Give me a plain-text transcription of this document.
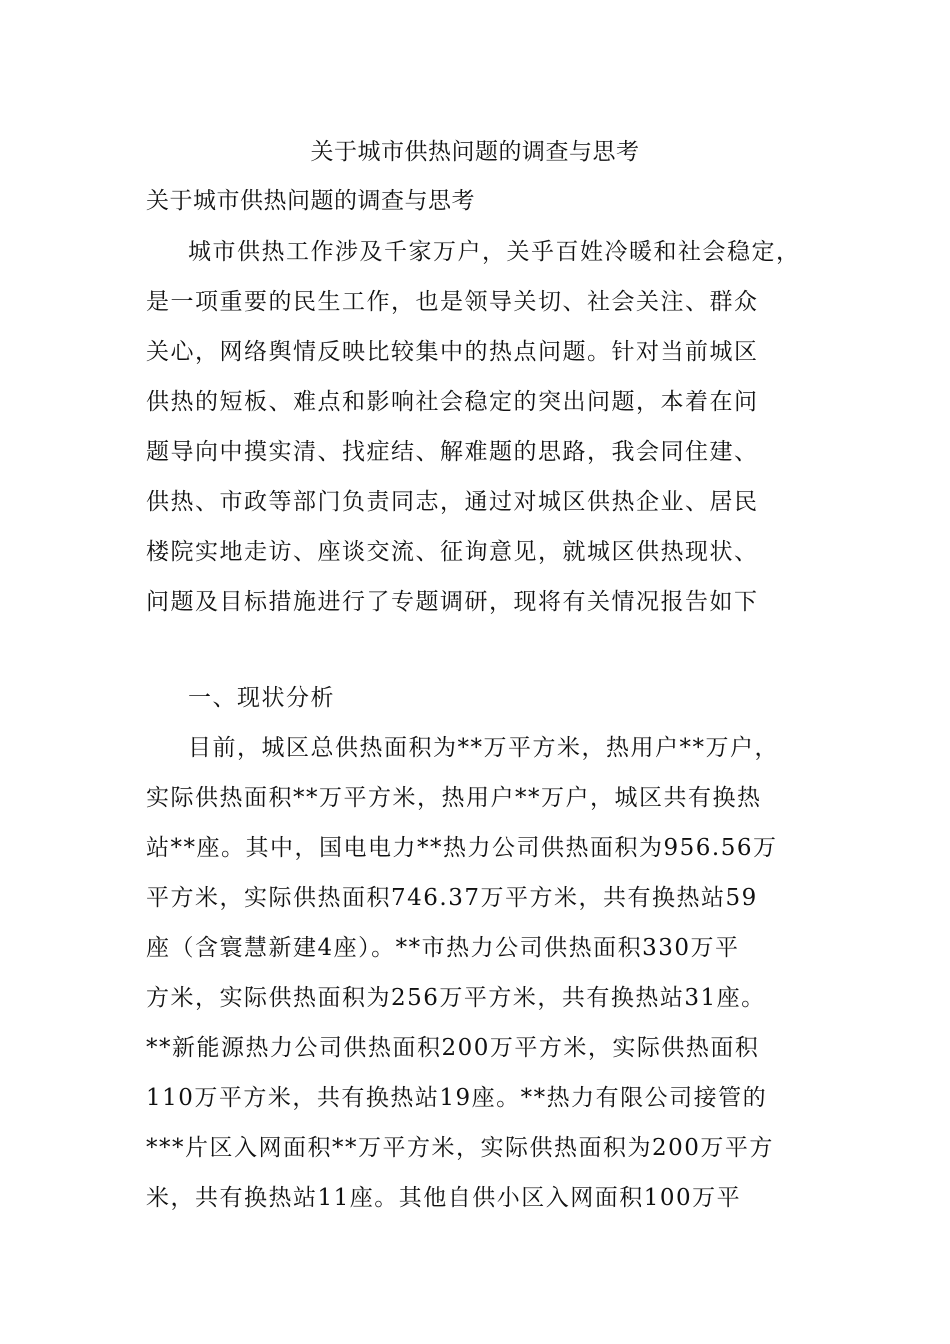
关于城市供热问题的调查与思考
关于城市供热问题的调查与思考
城市供热工作涉及千家万户，关乎百姓冷暖和社会稳定，
是一项重要的民生工作，也是领导关切、社会关注、群众
关心，网络舆情反映比较集中的热点问题。针对当前城区
供热的短板、难点和影响社会稳定的突出问题，本着在问
题导向中摸实清、找症结、解难题的思路，我会同住建、
供热、市政等部门负责同志，通过对城区供热企业、居民
楼院实地走访、座谈交流、征询意见，就城区供热现状、
问题及目标措施进行了专题调研，现将有关情况报告如下
一、现状分析
目前，城区总供热面积为**万平方米，热用户**万户，
实际供热面积**万平方米，热用户**万户，城区共有换热
站**座。其中，国电电力**热力公司供热面积为956.56万
平方米，实际供热面积746.37万平方米，共有换热站59
座（含寰慧新建4座）。**市热力公司供热面积330万平
方米，实际供热面积为256万平方米，共有换热站31座。
**新能源热力公司供热面积200万平方米，实际供热面积
110万平方米，共有换热站19座。**热力有限公司接管的
***片区入网面积**万平方米，实际供热面积为200万平方
米，共有换热站11座。其他自供小区入网面积100万平
